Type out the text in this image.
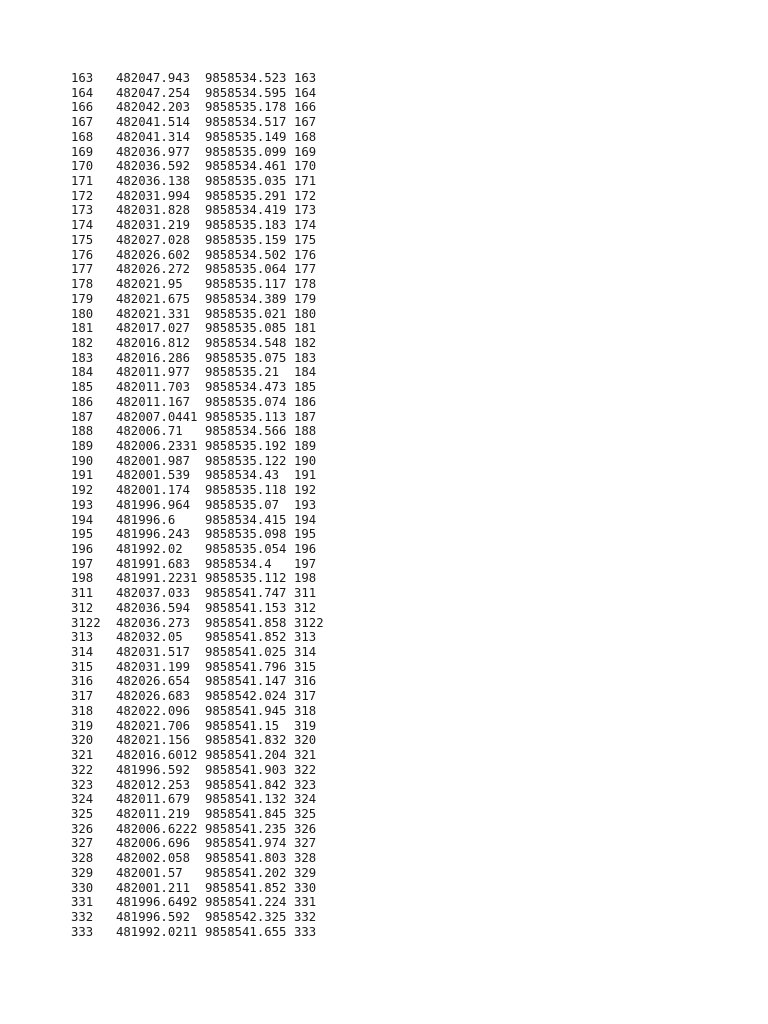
163 482047.943 9858534.523 163
164 482047.254 9858534.595 164
166 482042.203 9858535.178 166
167 482041.514 9858534.517 167
168 482041.314 9858535.149 168
169 482036.977 9858535.099 169
170 482036.592 9858534.461 170
171 482036.138 9858535.035 171
172 482031.994 9858535.291 172
173 482031.828 9858534.419 173
174 482031.219 9858535.183 174
175 482027.028 9858535.159 175
176 482026.602 9858534.502 176
177 482026.272 9858535.064 177
178 482021.95 9858535.117 178
179 482021.675 9858534.389 179
180 482021.331 9858535.021 180
181 482017.027 9858535.085 181
182 482016.812 9858534.548 182
183 482016.286 9858535.075 183
184 482011.977 9858535.21 184
185 482011.703 9858534.473 185
186 482011.167 9858535.074 186
187 482007.0441 9858535.113 187
188 482006.71 9858534.566 188
189 482006.2331 9858535.192 189
190 482001.987 9858535.122 190
191 482001.539 9858534.43 191
192 482001.174 9858535.118 192
193 481996.964 9858535.07 193
194 481996.6 9858534.415 194
195 481996.243 9858535.098 195
196 481992.02 9858535.054 196
197 481991.683 9858534.4 197
198 481991.2231 9858535.112 198
311 482037.033 9858541.747 311
312 482036.594 9858541.153 312
3122 482036.273 9858541.858 3122
313 482032.05 9858541.852 313
314 482031.517 9858541.025 314
315 482031.199 9858541.796 315
316 482026.654 9858541.147 316
317 482026.683 9858542.024 317
318 482022.096 9858541.945 318
319 482021.706 9858541.15 319
320 482021.156 9858541.832 320
321 482016.6012 9858541.204 321
322 481996.592 9858541.903 322
323 482012.253 9858541.842 323
324 482011.679 9858541.132 324
325 482011.219 9858541.845 325
326 482006.6222 9858541.235 326
327 482006.696 9858541.974 327
328 482002.058 9858541.803 328
329 482001.57 9858541.202 329
330 482001.211 9858541.852 330
331 481996.6492 9858541.224 331
332 481996.592 9858542.325 332
333 481992.0211 9858541.655 333
